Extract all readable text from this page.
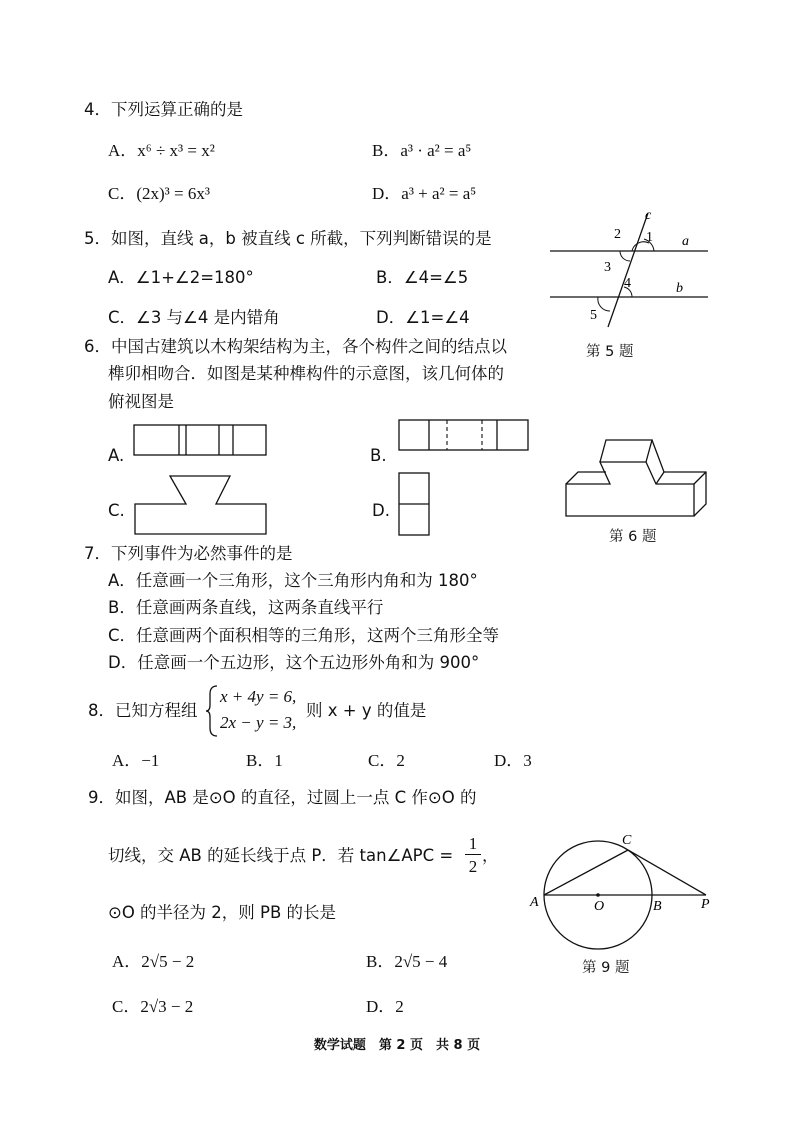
4．下列运算正确的是
A．x⁶ ÷ x³ = x²	B．a³ · a² = a⁵
C．(2x)³ = 6x³	D．a³ + a² = a⁵
5．如图，直线 a，b 被直线 c 所截，下列判断错误的是
A．∠1+∠2=180°	B．∠4=∠5
C．∠3 与∠4 是内错角	D．∠1=∠4
c
2 1 a
3
4	b
5
第 5 题
6．中国古建筑以木构架结构为主，各个构件之间的结点以
榫卯相吻合．如图是某种榫构件的示意图，该几何体的
俯视图是
A.	B.
C.	D.
第 6 题
7．下列事件为必然事件的是
A．任意画一个三角形，这个三角形内角和为 180°
B．任意画两条直线，这两条直线平行
C．任意画两个面积相等的三角形，这两个三角形全等
D．任意画一个五边形，这个五边形外角和为 900°
8．已知方程组
x + 4y = 6,
2x − y = 3,
则 x + y 的值是
A．−1	B．1	C．2	D．3
9．如图，AB 是⊙O 的直径，过圆上一点 C 作⊙O 的
切线，交 AB 的延长线于点 P．若 tan∠APC =
1
2
，
⊙O 的半径为 2，则 PB 的长是
A．2√5 − 2	B．2√5 − 4
C．2√3 − 2	D．2
C
A	O	B	P
第 9 题
数学试题　第 2 页　共 8 页
